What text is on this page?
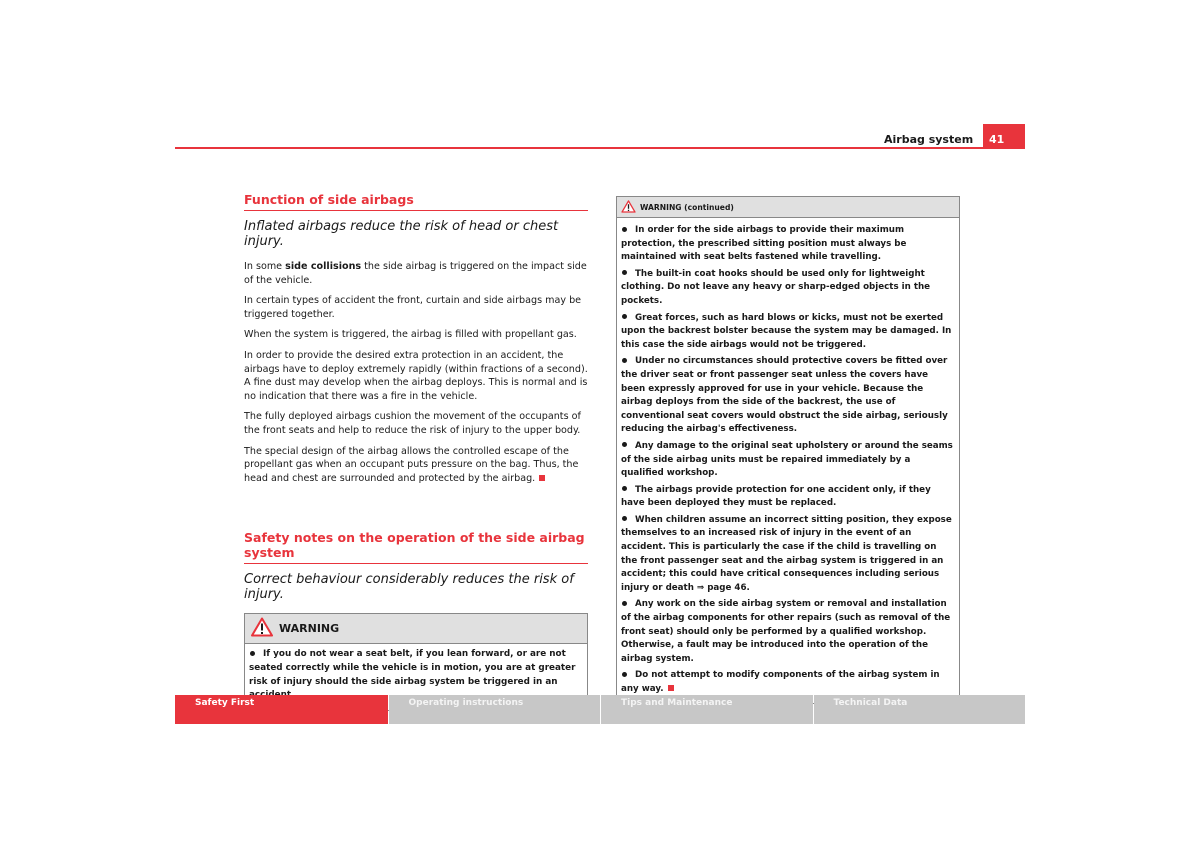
Airbag system	41
Function of side airbags
Inflated airbags reduce the risk of head or chest injury.

In some side collisions the side airbag is triggered on the impact side of the vehicle.

In certain types of accident the front, curtain and side airbags may be triggered together.

When the system is triggered, the airbag is filled with propellant gas.

In order to provide the desired extra protection in an accident, the airbags have to deploy extremely rapidly (within fractions of a second). A fine dust may develop when the airbag deploys. This is normal and is no indication that there was a fire in the vehicle.

The fully deployed airbags cushion the movement of the occupants of the front seats and help to reduce the risk of injury to the upper body.

The special design of the airbag allows the controlled escape of the propellant gas when an occupant puts pressure on the bag. Thus, the head and chest are surrounded and protected by the airbag.

Safety notes on the operation of the side airbag system
Correct behaviour considerably reduces the risk of injury.
WARNING
If you do not wear a seat belt, if you lean forward, or are not seated correctly while the vehicle is in motion, you are at greater risk of injury should the side airbag system be triggered in an
WARNING (continued)
In order for the side airbags to provide their maximum protection, the prescribed sitting position must always be maintained with seat belts fastened while travelling.
The built-in coat hooks should be used only for lightweight clothing. Do not leave any heavy or sharp-edged objects in the pockets.
Great forces, such as hard blows or kicks, must not be exerted upon the backrest bolster because the system may be damaged. In this case the side airbags would not be triggered.
Under no circumstances should protective covers be fitted over the driver seat or front passenger seat unless the covers have been expressly approved for use in your vehicle. Because the airbag deploys from the side of the backrest, the use of conventional seat covers would obstruct the side airbag, seriously reducing the airbag's effectiveness.
Any damage to the original seat upholstery or around the seams of the side airbag units must be repaired immediately by a qualified workshop.
The airbags provide protection for one accident only, if they have been deployed they must be replaced.
When children assume an incorrect sitting position, they expose themselves to an increased risk of injury in the event of an accident. This is particularly the case if the child is travelling on the front passenger seat and the airbag system is triggered in an accident; this could have critical consequences including serious injury or death ⇒ page 46.
Any work on the side airbag system or removal and installation of the airbag components for other repairs (such as removal of the front seat) should only be performed by a qualified workshop. Otherwise, a fault may be introduced into the operation of the airbag system.
Do not attempt to modify components of the airbag system in any way.
Safety First	Operating instructions	Tips and Maintenance	Technical Data
